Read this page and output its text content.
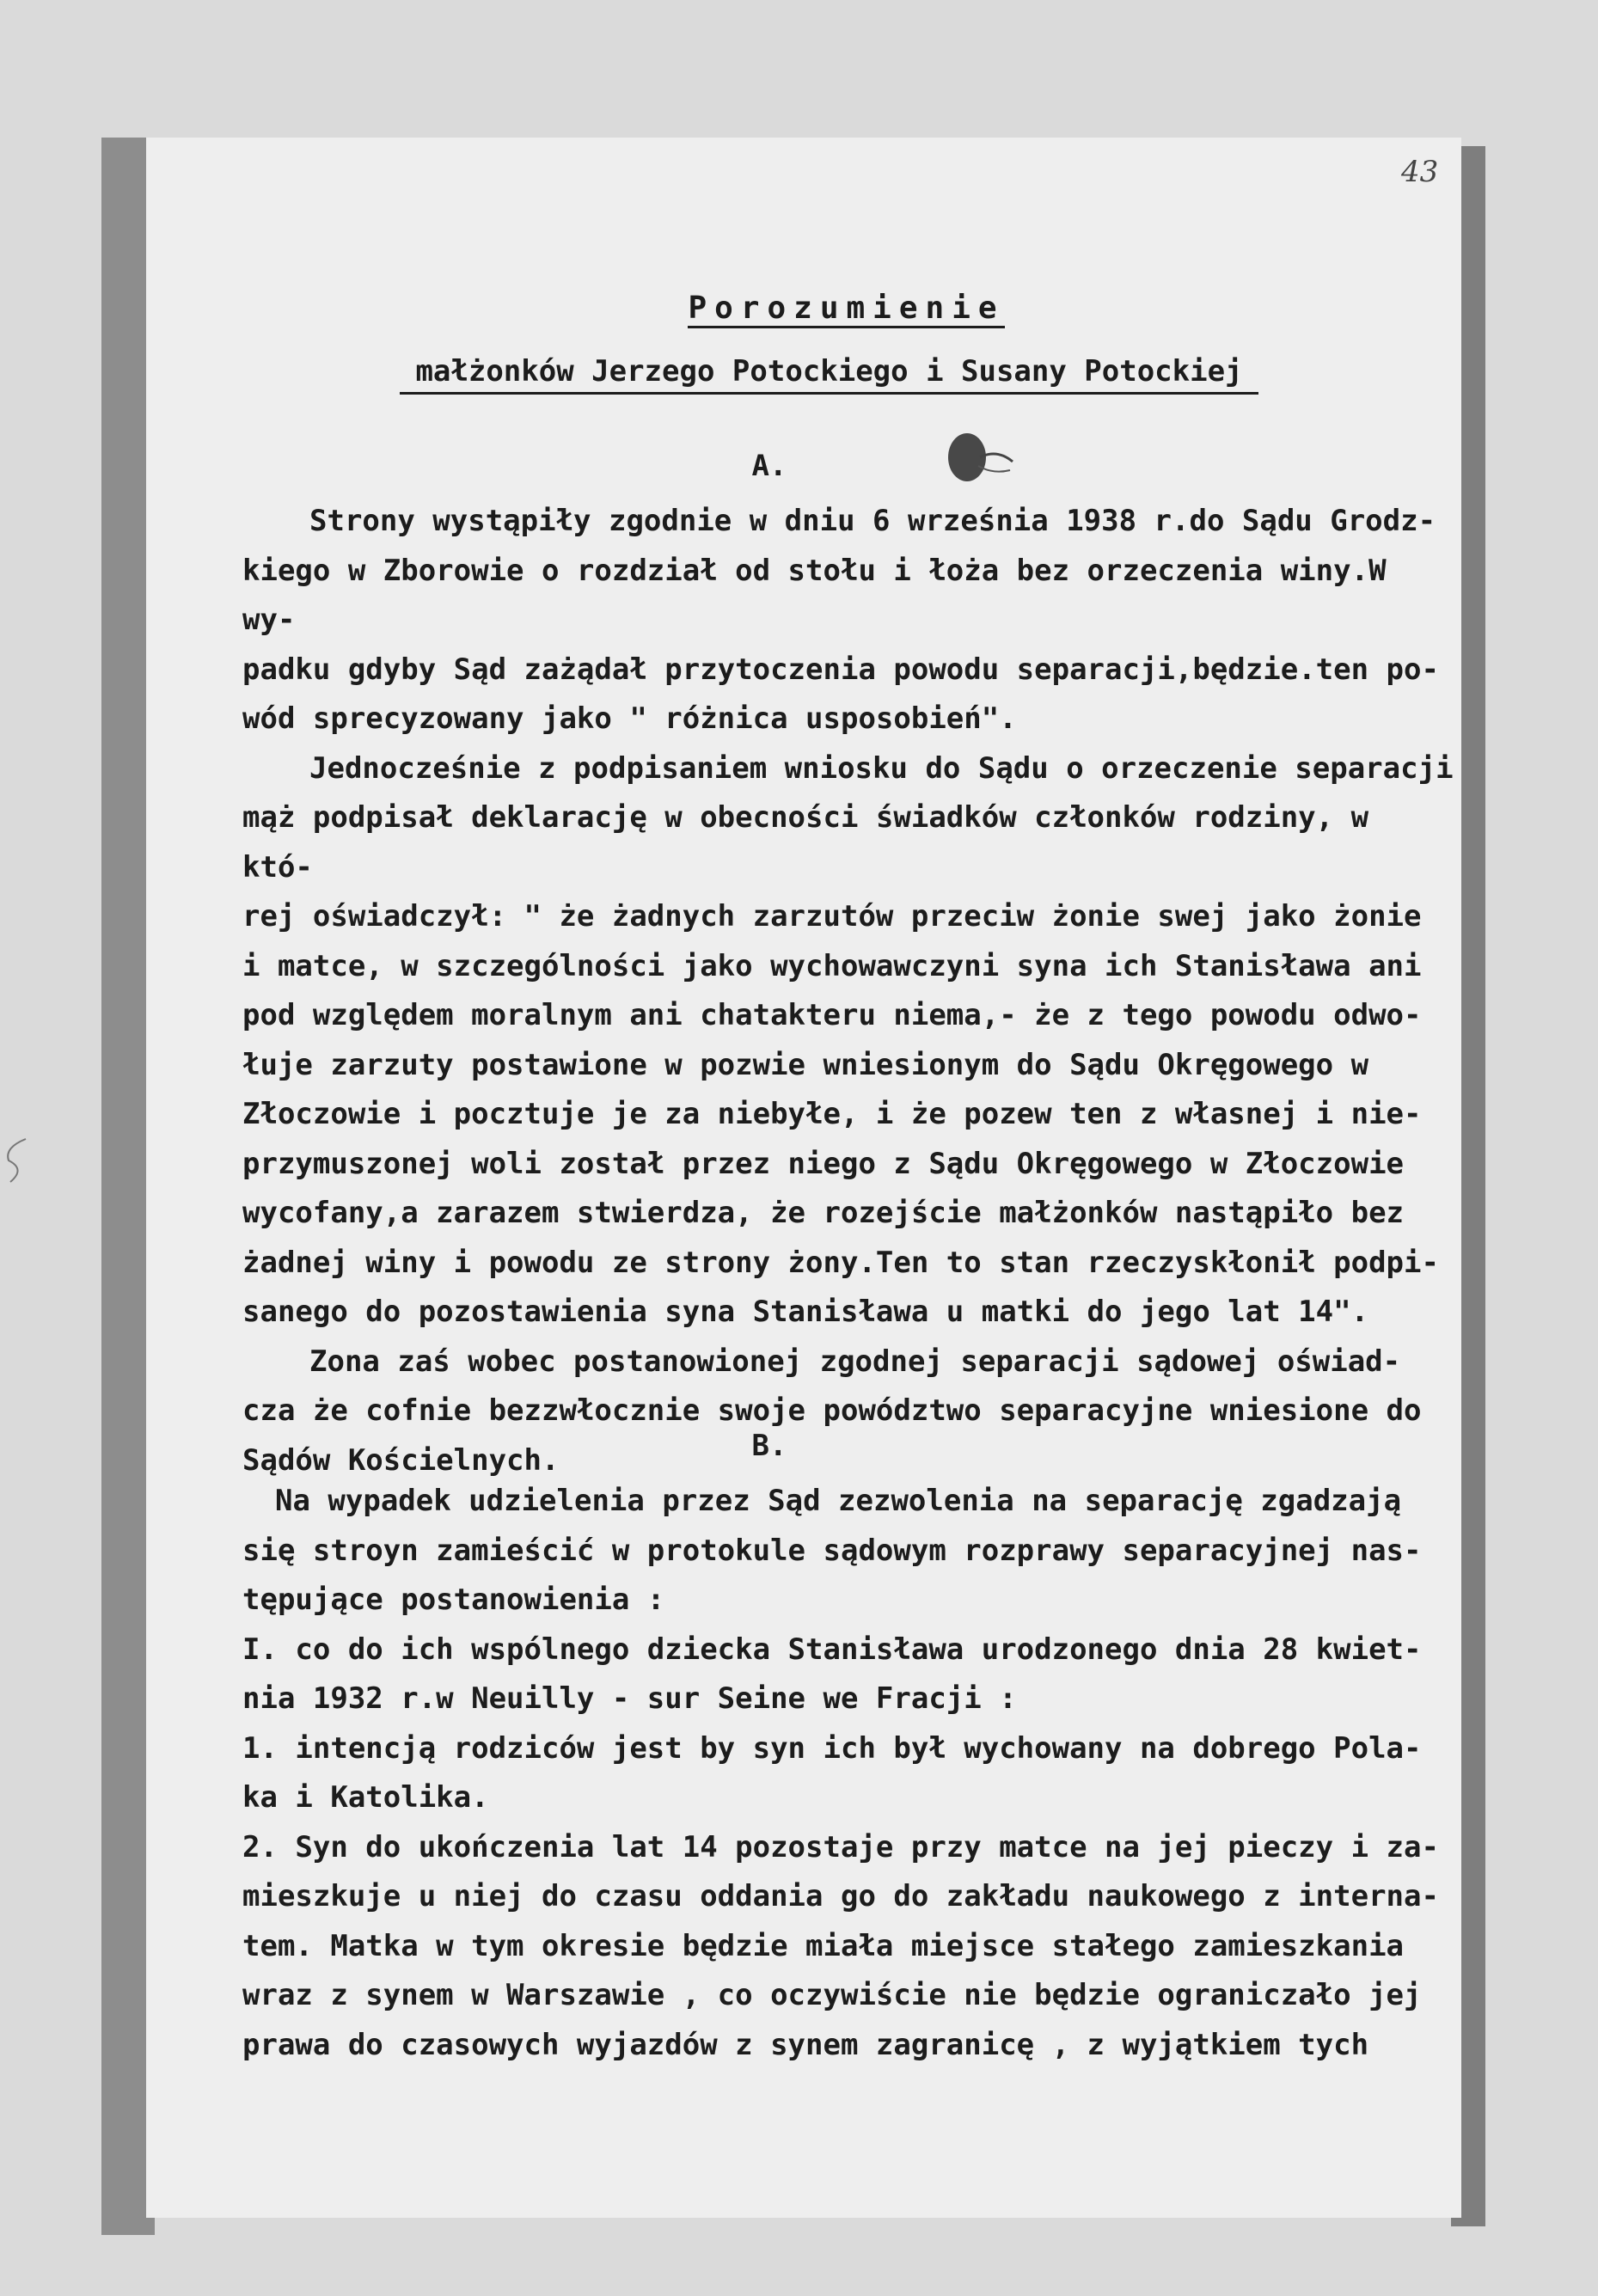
43
Porozumienie
małżonków Jerzego Potockiego i Susany Potockiej
A.

Strony wystąpiły zgodnie w dniu 6 września 1938 r.do Sądu Grodz-

kiego w Zborowie o rozdział od stołu i łoża bez orzeczenia winy.W wy-

padku gdyby Sąd zażądał przytoczenia powodu separacji,będzie.ten po-

wód sprecyzowany jako " różnica usposobień".

Jednocześnie z podpisaniem wniosku do Sądu o orzeczenie separacji

mąż podpisał deklarację w obecności świadków członków rodziny, w któ-

rej oświadczył: " że żadnych zarzutów przeciw żonie swej jako żonie

i matce, w szczególności jako wychowawczyni syna ich Stanisława ani

pod względem moralnym ani chatakteru niema,- że z tego powodu odwo-

łuje zarzuty postawione w pozwie wniesionym do Sądu Okręgowego w

Złoczowie i pocztuje je za niebyłe, i że pozew ten z własnej i nie-

przymuszonej woli został przez niego z Sądu Okręgowego w Złoczowie

wycofany,a zarazem stwierdza, że rozejście małżonków nastąpiło bez

żadnej winy i powodu ze strony żony.Ten to stan rzeczyskłonił podpi-

sanego do pozostawienia syna Stanisława u matki do jego lat 14".

Zona zaś wobec postanowionej zgodnej separacji sądowej oświad-

cza że cofnie bezzwłocznie swoje powództwo separacyjne wniesione do

Sądów Kościelnych.	B.

Na wypadek udzielenia przez Sąd zezwolenia na separację zgadzają

się stroyn zamieścić w protokule sądowym rozprawy separacyjnej nas-

tępujące postanowienia :

I. co do ich wspólnego dziecka Stanisława urodzonego dnia 28 kwiet-

nia 1932 r.w Neuilly - sur Seine we Fracji :

1. intencją rodziców jest by syn ich był wychowany na dobrego Pola-

ka i Katolika.

2. Syn do ukończenia lat 14 pozostaje przy matce na jej pieczy i za-

mieszkuje u niej do czasu oddania go do zakładu naukowego z interna-

tem. Matka w tym okresie będzie miała miejsce stałego zamieszkania

wraz z synem w Warszawie , co oczywiście nie będzie ograniczało jej

prawa do czasowych wyjazdów z synem zagranicę , z wyjątkiem tych
